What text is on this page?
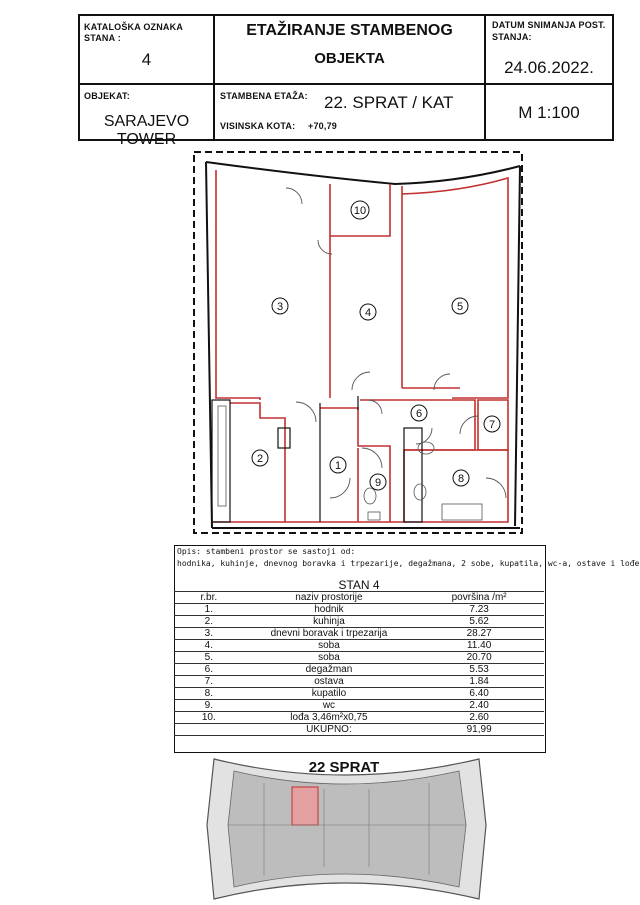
KATALOŠKA OZNAKA
STANA :
4
ETAŽIRANJE STAMBENOG
OBJEKTA
DATUM SNIMANJA POST.
STANJA:
24.06.2022.
OBJEKAT:
SARAJEVO TOWER
STAMBENA ETAŽA: 22. SPRAT / KAT
VISINSKA KOTA: +70,79
M 1:100
1
2
3	4	5
6
7
8
9
10
Opis: stambeni prostor se sastoji od:
hodnika, kuhinje, dnevnog boravka i trpezarije, degažmana, 2 sobe, kupatila, wc-a, ostave i lođe
STAN 4		
r.br.	naziv prostorije	površina /m²
1.	hodnik	7.23
2.	kuhinja	5.62
3.	dnevni boravak i trpezarija	28.27
4.	soba	11.40
5.	soba	20.70
6.	degažman	5.53
7.	ostava	1.84
8.	kupatilo	6.40
9.	wc	2.40
10.	lođa 3,46m²x0,75	2.60
	UKUPNO:	91,99
22 SPRAT
